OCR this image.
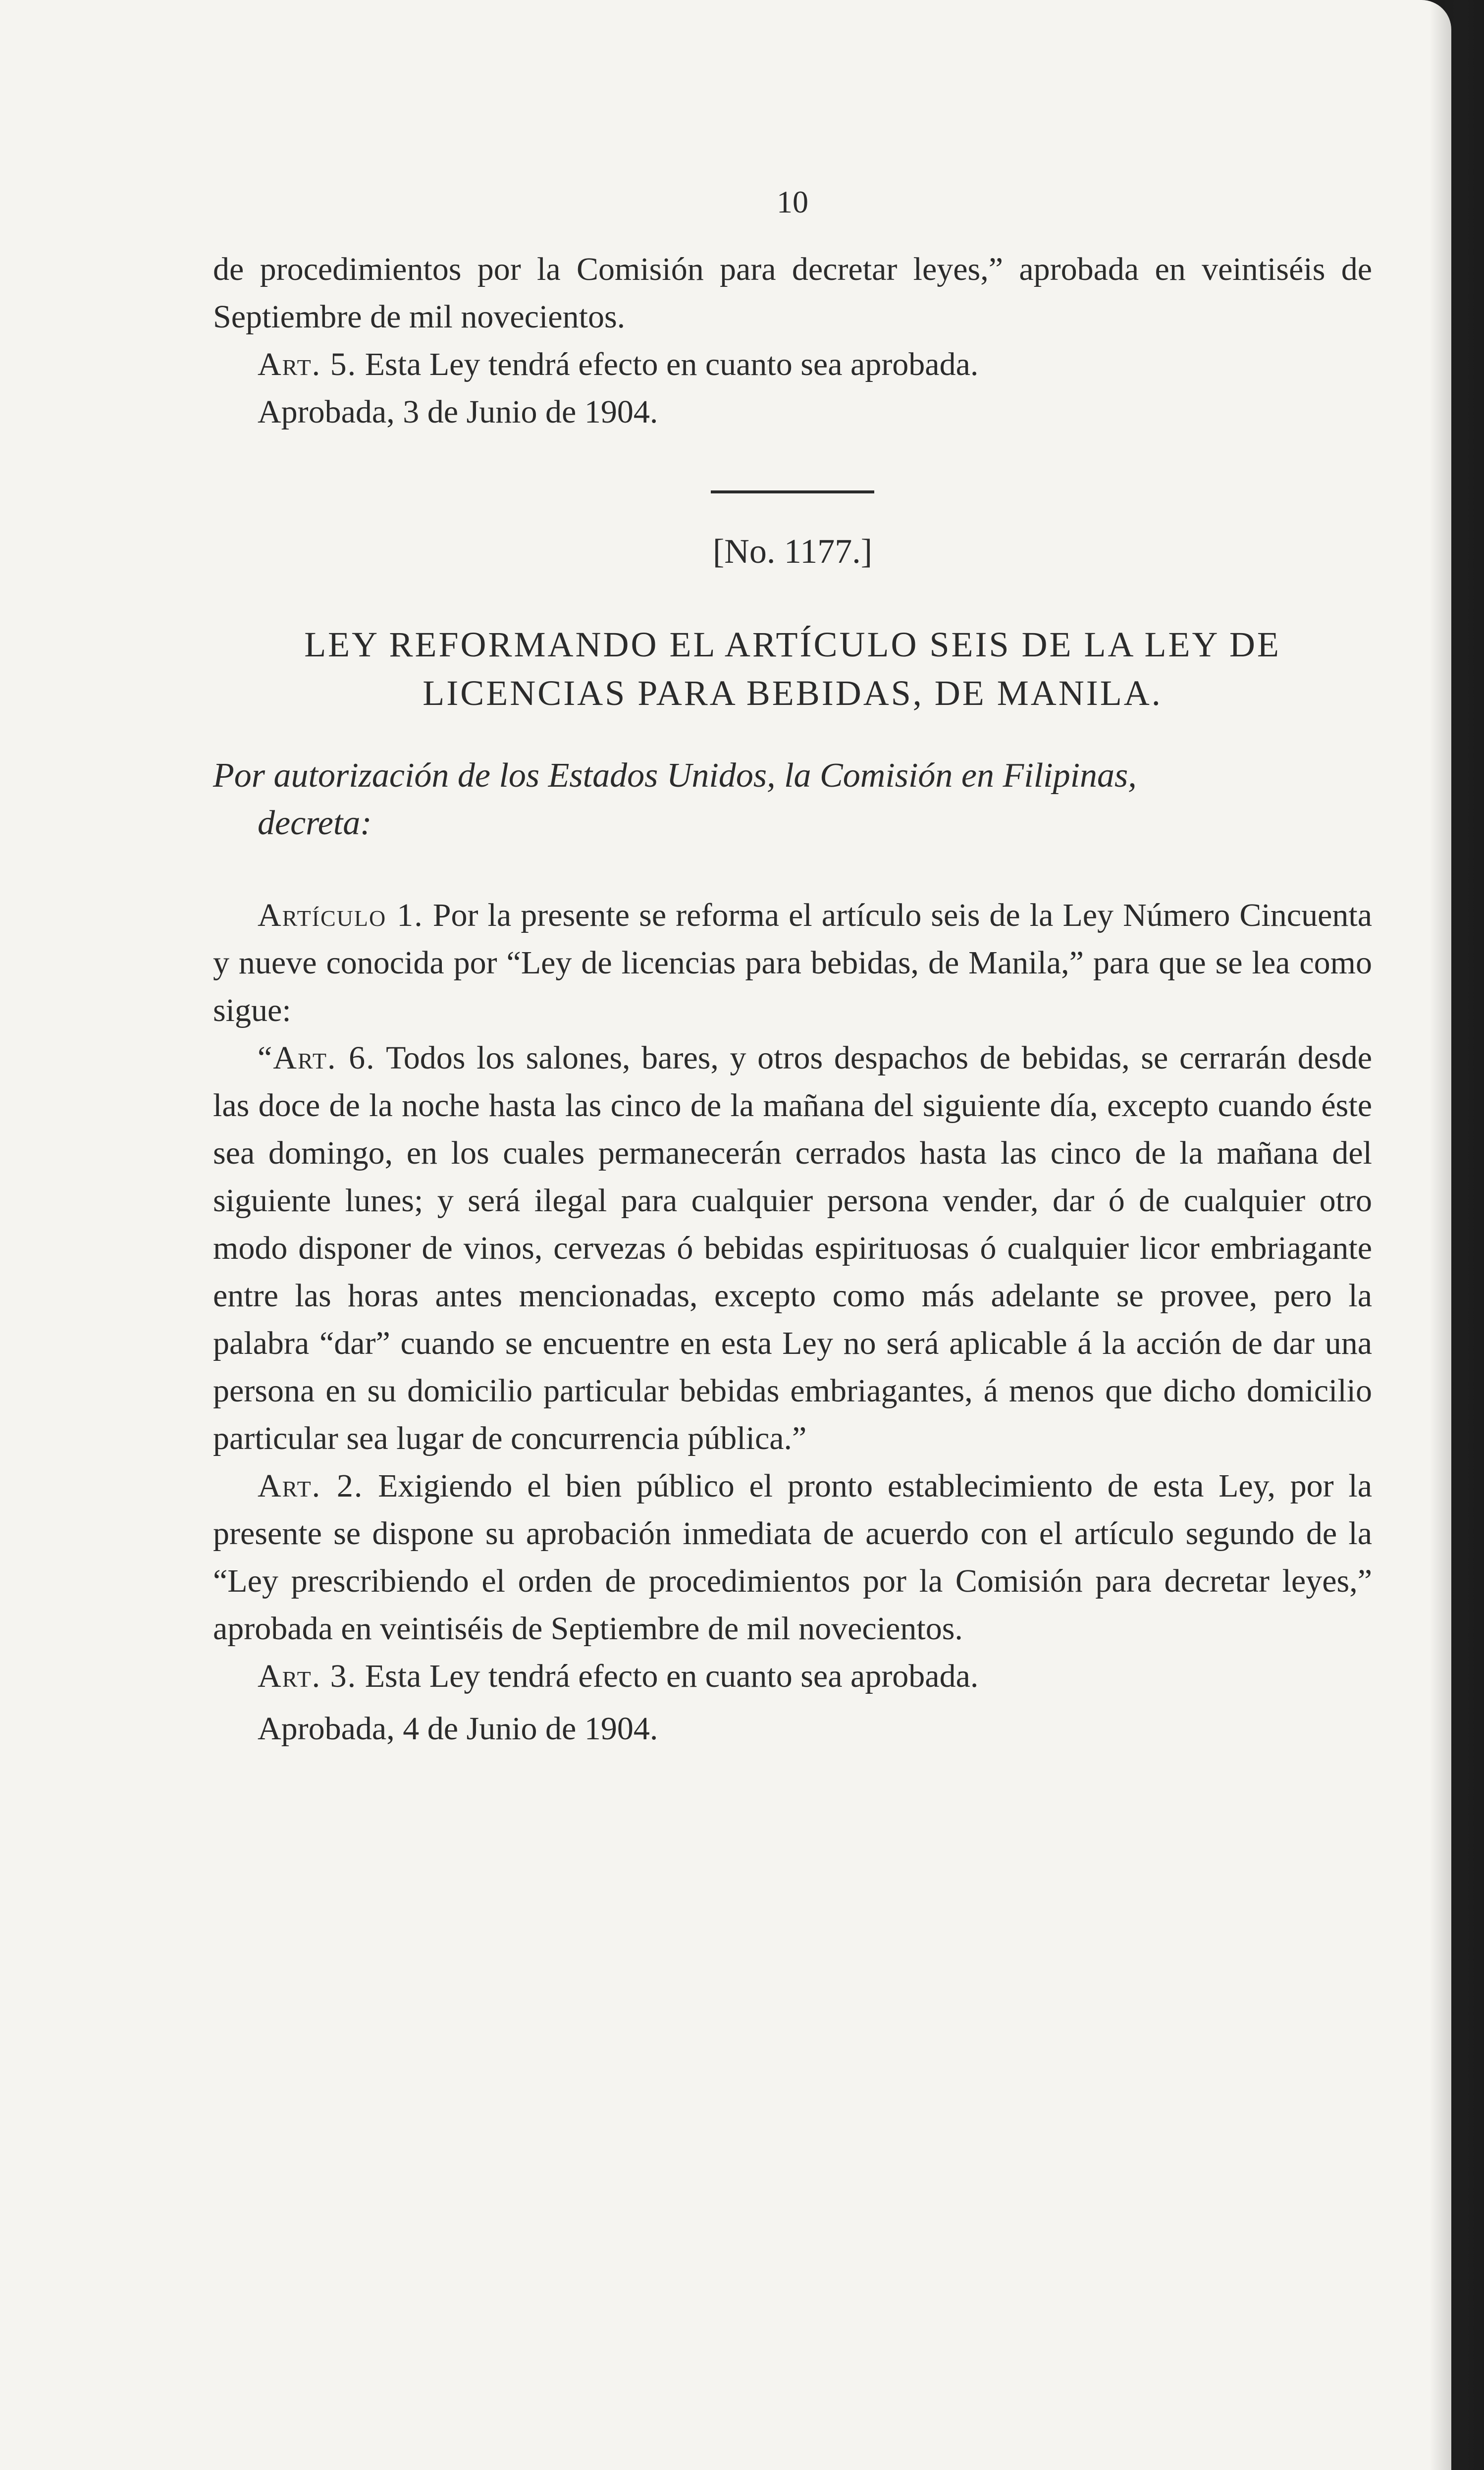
10

de procedimientos por la Comisión para decretar leyes,” aprobada en veintiséis de Septiembre de mil novecientos.

Art. 5. Esta Ley tendrá efecto en cuanto sea aprobada.

Aprobada, 3 de Junio de 1904.

[No. 1177.]
LEY REFORMANDO EL ARTÍCULO SEIS DE LA LEY DE
LICENCIAS PARA BEBIDAS, DE MANILA.
Por autorización de los Estados Unidos, la Comisión en Filipinas,
decreta:

Artículo 1. Por la presente se reforma el artículo seis de la Ley Número Cincuenta y nueve conocida por “Ley de licencias para bebidas, de Manila,” para que se lea como sigue:

“Art. 6. Todos los salones, bares, y otros despachos de bebidas, se cerrarán desde las doce de la noche hasta las cinco de la mañana del siguiente día, excepto cuando éste sea domingo, en los cuales permanecerán cerrados hasta las cinco de la mañana del siguiente lunes; y será ilegal para cualquier persona vender, dar ó de cualquier otro modo disponer de vinos, cervezas ó bebidas espirituosas ó cualquier licor embriagante entre las horas antes mencionadas, excepto como más adelante se provee, pero la palabra “dar” cuando se encuentre en esta Ley no será aplicable á la acción de dar una persona en su domicilio particular bebidas embriagantes, á menos que dicho domicilio particular sea lugar de concurrencia pública.”

Art. 2. Exigiendo el bien público el pronto establecimiento de esta Ley, por la presente se dispone su aprobación inmediata de acuerdo con el artículo segundo de la “Ley prescribiendo el orden de procedimientos por la Comisión para decretar leyes,” aprobada en veintiséis de Septiembre de mil novecientos.

Art. 3. Esta Ley tendrá efecto en cuanto sea aprobada.

Aprobada, 4 de Junio de 1904.
